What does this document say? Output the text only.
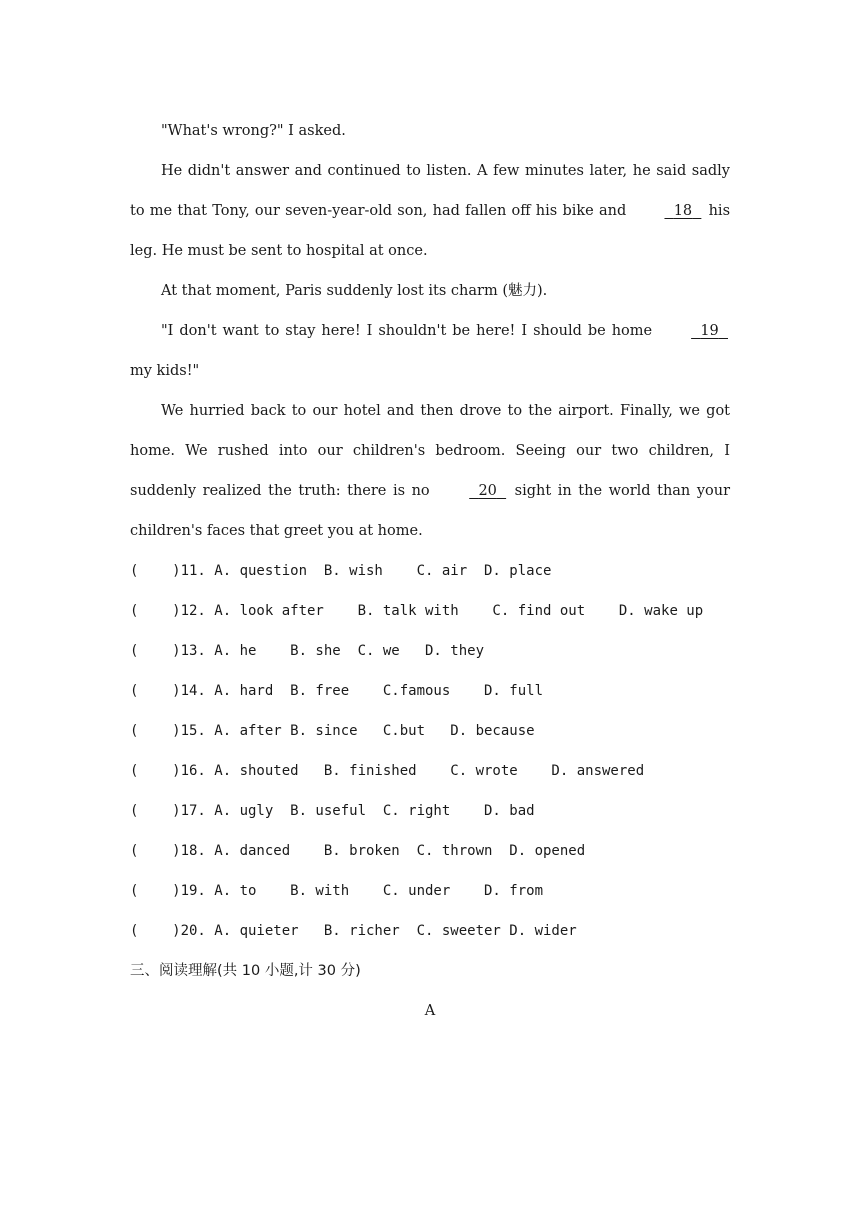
"What's wrong?" I asked.

He didn't answer and continued to listen. A few minutes later, he said sadly to me that Tony, our seven-year-old son, had fallen off his bike and	18 his leg. He must be sent to hospital at once.

At that moment, Paris suddenly lost its charm (魅力).

"I don't want to stay here! I shouldn't be here! I should be home	19   my kids!"

We hurried back to our hotel and then drove to the airport. Finally, we got home. We rushed into our children's bedroom. Seeing our two children, I suddenly realized the truth: there is no	20 sight in the world than your children's faces that greet you at home.

(    )11. A. question  B. wish    C. air  D. place

(    )12. A. look after    B. talk with    C. find out    D. wake up

(    )13. A. he    B. she  C. we   D. they

(    )14. A. hard  B. free    C.famous    D. full

(    )15. A. after B. since   C.but   D. because

(    )16. A. shouted   B. finished    C. wrote    D. answered

(    )17. A. ugly  B. useful  C. right    D. bad

(    )18. A. danced    B. broken  C. thrown  D. opened

(    )19. A. to    B. with    C. under    D. from

(    )20. A. quieter   B. richer  C. sweeter D. wider

三、阅读理解(共 10 小题,计 30 分)

A
